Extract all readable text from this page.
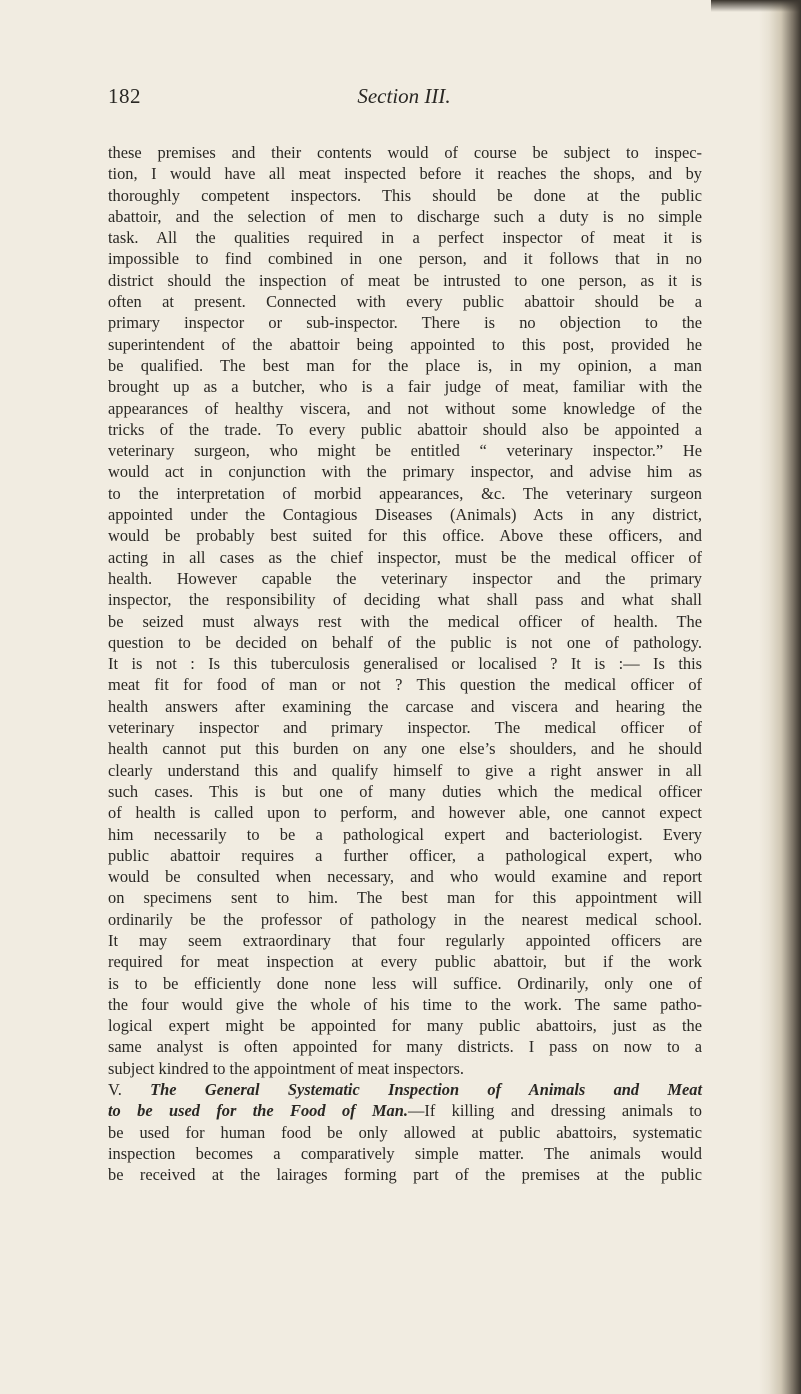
182	Section III.
these premises and their contents would of course be subject to inspec-
tion, I would have all meat inspected before it reaches the shops, and by
thoroughly competent inspectors. This should be done at the public
abattoir, and the selection of men to discharge such a duty is no simple
task. All the qualities required in a perfect inspector of meat it is
impossible to find combined in one person, and it follows that in no
district should the inspection of meat be intrusted to one person, as it is
often at present. Connected with every public abattoir should be a
primary inspector or sub-inspector. There is no objection to the
superintendent of the abattoir being appointed to this post, provided he
be qualified. The best man for the place is, in my opinion, a man
brought up as a butcher, who is a fair judge of meat, familiar with the
appearances of healthy viscera, and not without some knowledge of the
tricks of the trade. To every public abattoir should also be appointed a
veterinary surgeon, who might be entitled “ veterinary inspector.” He
would act in conjunction with the primary inspector, and advise him as
to the interpretation of morbid appearances, &c. The veterinary surgeon
appointed under the Contagious Diseases (Animals) Acts in any district,
would be probably best suited for this office. Above these officers, and
acting in all cases as the chief inspector, must be the medical officer of
health. However capable the veterinary inspector and the primary
inspector, the responsibility of deciding what shall pass and what shall
be seized must always rest with the medical officer of health. The
question to be decided on behalf of the public is not one of pathology.
It is not : Is this tuberculosis generalised or localised ? It is :— Is this
meat fit for food of man or not ? This question the medical officer of
health answers after examining the carcase and viscera and hearing the
veterinary inspector and primary inspector. The medical officer of
health cannot put this burden on any one else’s shoulders, and he should
clearly understand this and qualify himself to give a right answer in all
such cases. This is but one of many duties which the medical officer
of health is called upon to perform, and however able, one cannot expect
him necessarily to be a pathological expert and bacteriologist. Every
public abattoir requires a further officer, a pathological expert, who
would be consulted when necessary, and who would examine and report
on specimens sent to him. The best man for this appointment will
ordinarily be the professor of pathology in the nearest medical school.
It may seem extraordinary that four regularly appointed officers are
required for meat inspection at every public abattoir, but if the work
is to be efficiently done none less will suffice. Ordinarily, only one of
the four would give the whole of his time to the work. The same patho-
logical expert might be appointed for many public abattoirs, just as the
same analyst is often appointed for many districts. I pass on now to a
subject kindred to the appointment of meat inspectors.
V. The General Systematic Inspection of Animals and Meat
to be used for the Food of Man.—If killing and dressing animals to
be used for human food be only allowed at public abattoirs, systematic
inspection becomes a comparatively simple matter. The animals would
be received at the lairages forming part of the premises at the public
